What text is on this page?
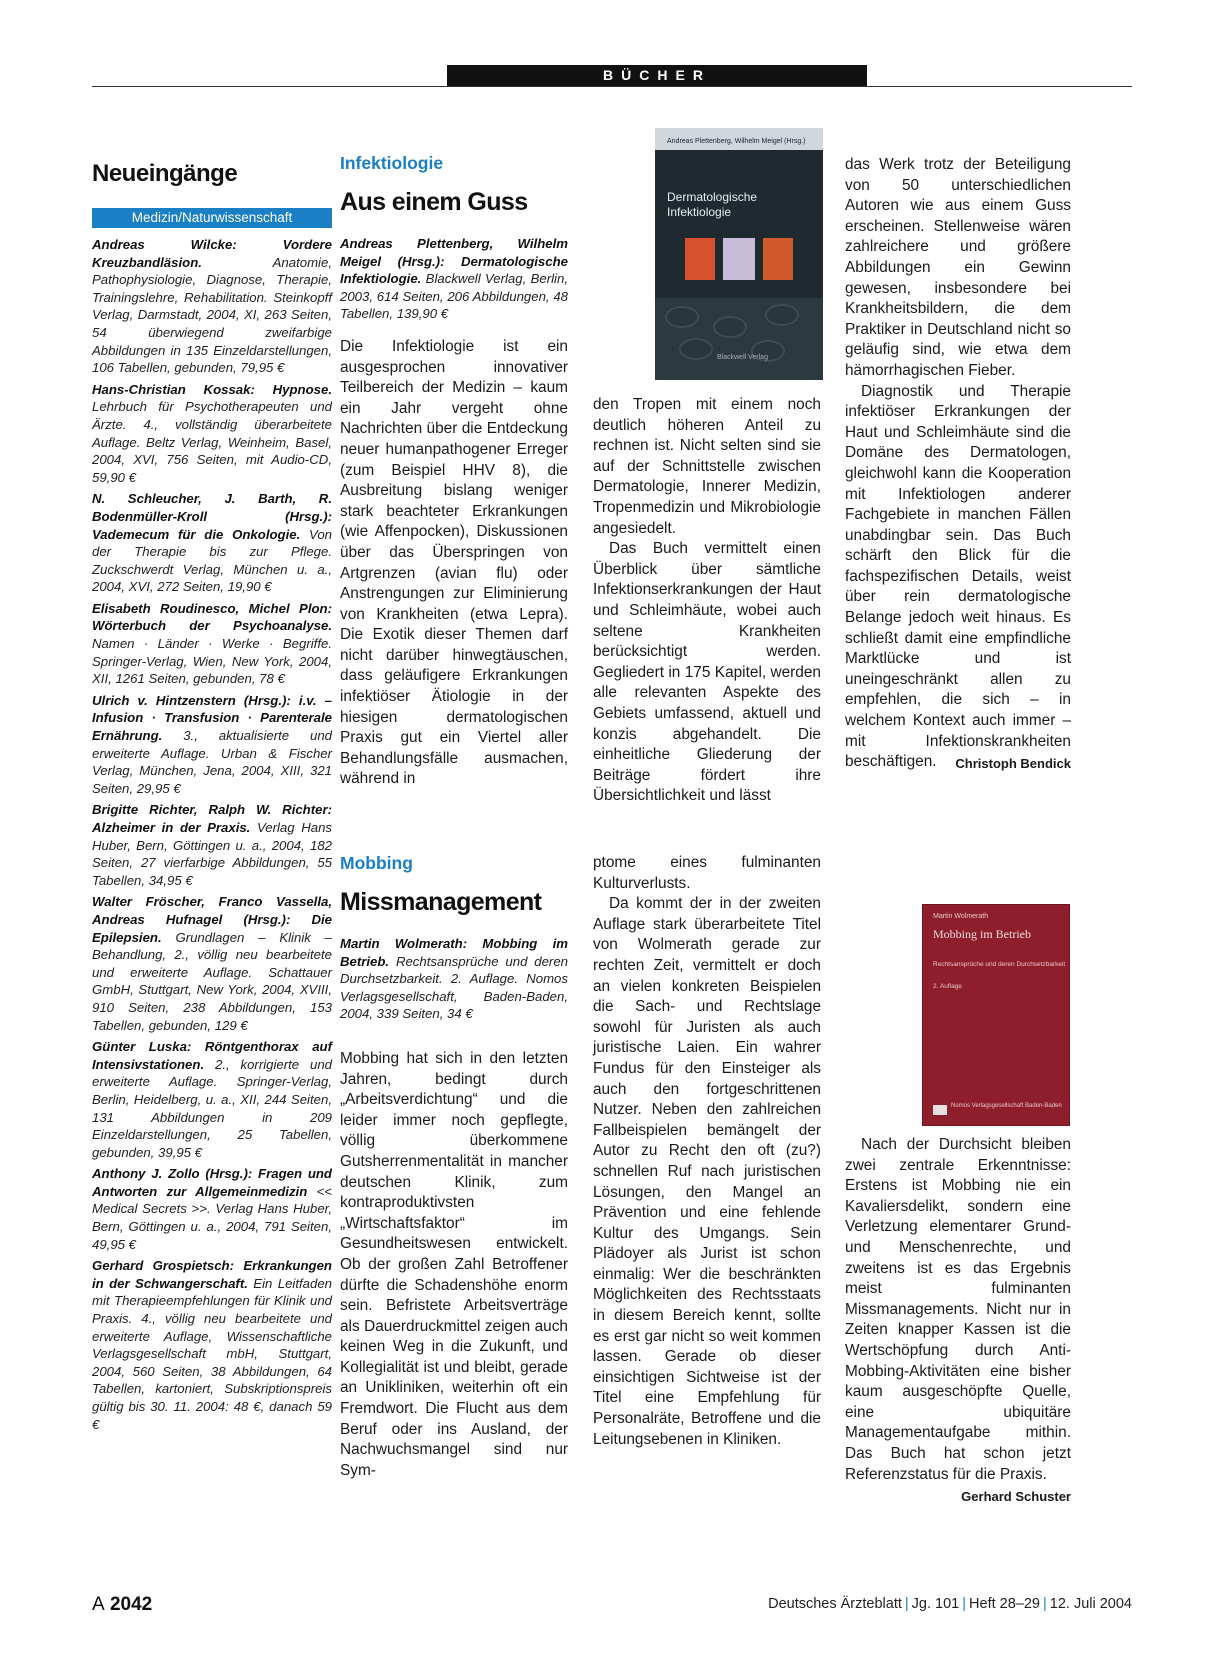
BÜCHER
Neueingänge
Medizin/Naturwissenschaft
Andreas Wilcke: Vordere Kreuzbandläsion. Anatomie, Pathophysiologie, Diagnose, Therapie, Trainingslehre, Rehabilitation. Steinkopff Verlag, Darmstadt, 2004, XI, 263 Seiten, 54 überwiegend zweifarbige Abbildungen in 135 Einzeldarstellungen, 106 Tabellen, gebunden, 79,95 €
Hans-Christian Kossak: Hypnose. Lehrbuch für Psychotherapeuten und Ärzte. 4., vollständig überarbeitete Auflage. Beltz Verlag, Weinheim, Basel, 2004, XVI, 756 Seiten, mit Audio-CD, 59,90 €
N. Schleucher, J. Barth, R. Bodenmüller-Kroll (Hrsg.): Vademecum für die Onkologie. Von der Therapie bis zur Pflege. Zuckschwerdt Verlag, München u. a., 2004, XVI, 272 Seiten, 19,90 €
Elisabeth Roudinesco, Michel Plon: Wörterbuch der Psychoanalyse. Namen · Länder · Werke · Begriffe. Springer-Verlag, Wien, New York, 2004, XII, 1261 Seiten, gebunden, 78 €
Ulrich v. Hintzenstern (Hrsg.): i.v. – Infusion · Transfusion · Parenterale Ernährung. 3., aktualisierte und erweiterte Auflage. Urban & Fischer Verlag, München, Jena, 2004, XIII, 321 Seiten, 29,95 €
Brigitte Richter, Ralph W. Richter: Alzheimer in der Praxis. Verlag Hans Huber, Bern, Göttingen u. a., 2004, 182 Seiten, 27 vierfarbige Abbildungen, 55 Tabellen, 34,95 €
Walter Fröscher, Franco Vassella, Andreas Hufnagel (Hrsg.): Die Epilepsien. Grundlagen – Klinik – Behandlung, 2., völlig neu bearbeitete und erweiterte Auflage. Schattauer GmbH, Stuttgart, New York, 2004, XVIII, 910 Seiten, 238 Abbildungen, 153 Tabellen, gebunden, 129 €
Günter Luska: Röntgenthorax auf Intensivstationen. 2., korrigierte und erweiterte Auflage. Springer-Verlag, Berlin, Heidelberg, u. a., XII, 244 Seiten, 131 Abbildungen in 209 Einzeldarstellungen, 25 Tabellen, gebunden, 39,95 €
Anthony J. Zollo (Hrsg.): Fragen und Antworten zur Allgemeinmedizin << Medical Secrets >>. Verlag Hans Huber, Bern, Göttingen u. a., 2004, 791 Seiten, 49,95 €
Gerhard Grospietsch: Erkrankungen in der Schwangerschaft. Ein Leitfaden mit Therapieempfehlungen für Klinik und Praxis. 4., völlig neu bearbeitete und erweiterte Auflage, Wissenschaftliche Verlagsgesellschaft mbH, Stuttgart, 2004, 560 Seiten, 38 Abbildungen, 64 Tabellen, kartoniert, Subskriptionspreis gültig bis 30. 11. 2004: 48 €, danach 59 €
Infektiologie
Aus einem Guss
Andreas Plettenberg, Wilhelm Meigel (Hrsg.): Dermatologische Infektiologie. Blackwell Verlag, Berlin, 2003, 614 Seiten, 206 Abbildungen, 48 Tabellen, 139,90 €

Die Infektiologie ist ein ausgesprochen innovativer Teilbereich der Medizin – kaum ein Jahr vergeht ohne Nachrichten über die Entdeckung neuer humanpathogener Erreger (zum Beispiel HHV 8), die Ausbreitung bislang weniger stark beachteter Erkrankungen (wie Affenpocken), Diskussionen über das Überspringen von Artgrenzen (avian flu) oder Anstrengungen zur Eliminierung von Krankheiten (etwa Lepra). Die Exotik dieser Themen darf nicht darüber hinwegtäuschen, dass geläufigere Erkrankungen infektiöser Ätiologie in der hiesigen dermatologischen Praxis gut ein Viertel aller Behandlungsfälle ausmachen, während in

Andreas Plettenberg, Wilhelm Meigel (Hrsg.)
Dermatologische
Infektiologie
Blackwell Verlag

den Tropen mit einem noch deutlich höheren Anteil zu rechnen ist. Nicht selten sind sie auf der Schnittstelle zwischen Dermatologie, Innerer Medizin, Tropenmedizin und Mikrobiologie angesiedelt.

Das Buch vermittelt einen Überblick über sämtliche Infektionserkrankungen der Haut und Schleimhäute, wobei auch seltene Krankheiten berücksichtigt werden. Gegliedert in 175 Kapitel, werden alle relevanten Aspekte des Gebiets umfassend, aktuell und konzis abgehandelt. Die einheitliche Gliederung der Beiträge fördert ihre Übersichtlichkeit und lässt

das Werk trotz der Beteiligung von 50 unterschiedlichen Autoren wie aus einem Guss erscheinen. Stellenweise wären zahlreichere und größere Abbildungen ein Gewinn gewesen, insbesondere bei Krankheitsbildern, die dem Praktiker in Deutschland nicht so geläufig sind, wie etwa dem hämorrhagischen Fieber.

Diagnostik und Therapie infektiöser Erkrankungen der Haut und Schleimhäute sind die Domäne des Dermatologen, gleichwohl kann die Kooperation mit Infektiologen anderer Fachgebiete in manchen Fällen unabdingbar sein. Das Buch schärft den Blick für die fachspezifischen Details, weist über rein dermatologische Belange jedoch weit hinaus. Es schließt damit eine empfindliche Marktlücke und ist uneingeschränkt allen zu empfehlen, die sich – in welchem Kontext auch immer – mit Infektionskrankheiten beschäftigen.	Christoph Bendick

Mobbing
Missmanagement
Martin Wolmerath: Mobbing im Betrieb. Rechtsansprüche und deren Durchsetzbarkeit. 2. Auflage. Nomos Verlagsgesellschaft, Baden-Baden, 2004, 339 Seiten, 34 €

Mobbing hat sich in den letzten Jahren, bedingt durch „Arbeitsverdichtung“ und die leider immer noch gepflegte, völlig überkommene Gutsherrenmentalität in mancher deutschen Klinik, zum kontraproduktivsten „Wirtschaftsfaktor“ im Gesundheitswesen entwickelt. Ob der großen Zahl Betroffener dürfte die Schadenshöhe enorm sein. Befristete Arbeitsverträge als Dauerdruckmittel zeigen auch keinen Weg in die Zukunft, und Kollegialität ist und bleibt, gerade an Unikliniken, weiterhin oft ein Fremdwort. Die Flucht aus dem Beruf oder ins Ausland, der Nachwuchsmangel sind nur Sym-

ptome eines fulminanten Kulturverlusts.

Da kommt der in der zweiten Auflage stark überarbeitete Titel von Wolmerath gerade zur rechten Zeit, vermittelt er doch an vielen konkreten Beispielen die Sach- und Rechtslage sowohl für Juristen als auch juristische Laien. Ein wahrer Fundus für den Einsteiger als auch den fortgeschrittenen Nutzer. Neben den zahlreichen Fallbeispielen bemängelt der Autor zu Recht den oft (zu?) schnellen Ruf nach juristischen Lösungen, den Mangel an Prävention und eine fehlende Kultur des Umgangs. Sein Plädoyer als Jurist ist schon einmalig: Wer die beschränkten Möglichkeiten des Rechtsstaats in diesem Bereich kennt, sollte es erst gar nicht so weit kommen lassen. Gerade ob dieser einsichtigen Sichtweise ist der Titel eine Empfehlung für Personalräte, Betroffene und die Leitungsebenen in Kliniken.

Martin Wolmerath
Mobbing im Betrieb
Rechtsansprüche und deren Durchsetzbarkeit
2. Auflage
Nomos Verlagsgesellschaft Baden-Baden

Nach der Durchsicht bleiben zwei zentrale Erkenntnisse: Erstens ist Mobbing nie ein Kavaliersdelikt, sondern eine Verletzung elementarer Grund- und Menschenrechte, und zweitens ist es das Ergebnis meist fulminanten Missmanagements. Nicht nur in Zeiten knapper Kassen ist die Wertschöpfung durch Anti-Mobbing-Aktivitäten eine bisher kaum ausgeschöpfte Quelle, eine ubiquitäre Managementaufgabe mithin. Das Buch hat schon jetzt Referenzstatus für die Praxis.
Gerhard Schuster

A 2042	Deutsches Ärzteblatt | Jg. 101 | Heft 28–29 | 12. Juli 2004
